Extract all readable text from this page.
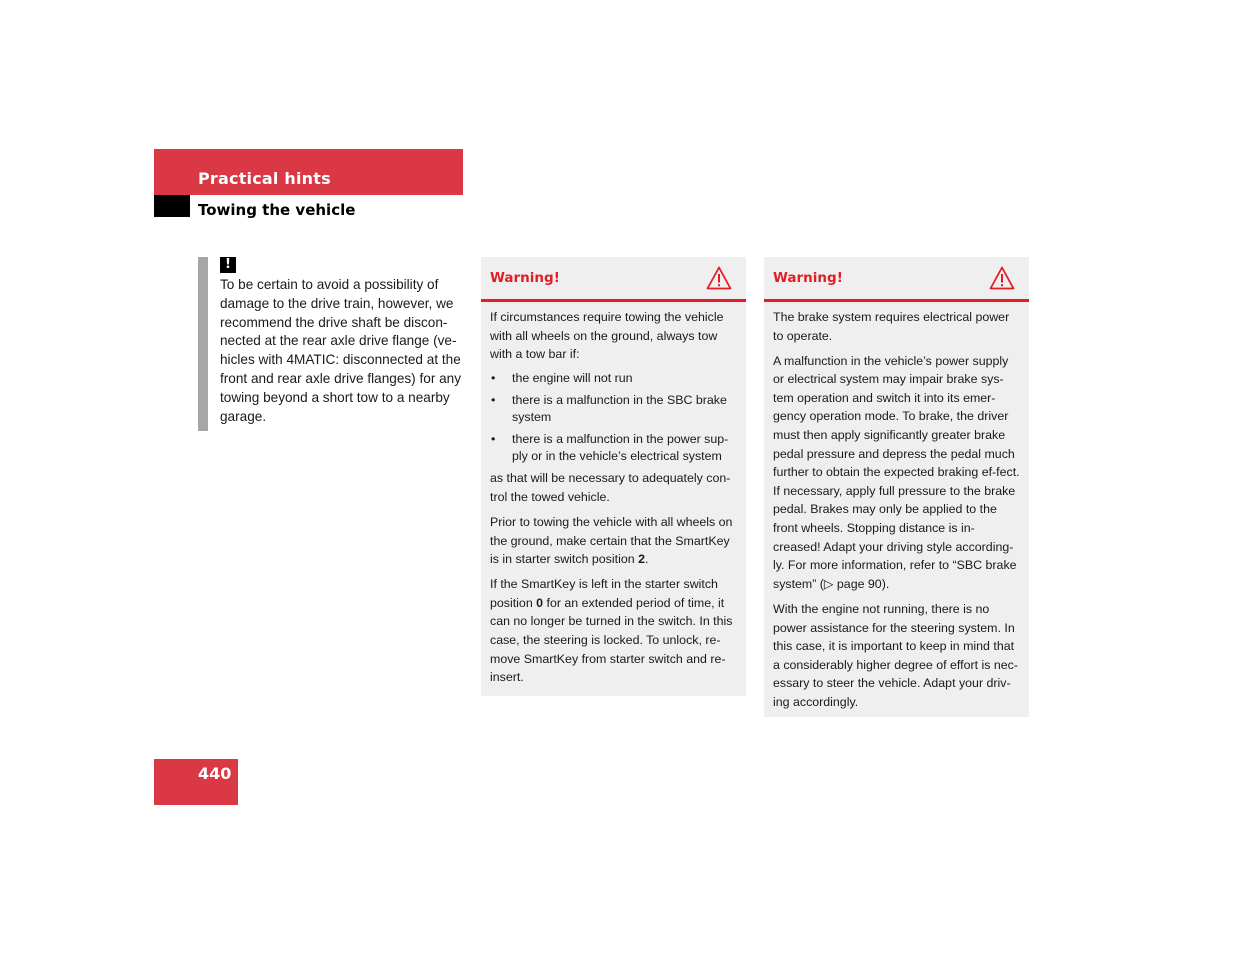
Practical hints
Towing the vehicle
!
To be certain to avoid a possibility of damage to the drive train, however, we recommend the drive shaft be discon-nected at the rear axle drive flange (ve-hicles with 4MATIC: disconnected at the front and rear axle drive flanges) for any towing beyond a short tow to a nearby garage.
Warning!

If circumstances require towing the vehicle with all wheels on the ground, always tow with a tow bar if:

• the engine will not run
• there is a malfunction in the SBC brake system
• there is a malfunction in the power sup-ply or in the vehicle’s electrical system

as that will be necessary to adequately con-trol the towed vehicle.

Prior to towing the vehicle with all wheels on the ground, make certain that the SmartKey is in starter switch position 2.

If the SmartKey is left in the starter switch position 0 for an extended period of time, it can no longer be turned in the switch. In this case, the steering is locked. To unlock, re-move SmartKey from starter switch and re-insert.

Warning!

The brake system requires electrical power to operate.

A malfunction in the vehicle’s power supply or electrical system may impair brake sys-tem operation and switch it into its emer-gency operation mode. To brake, the driver must then apply significantly greater brake pedal pressure and depress the pedal much further to obtain the expected braking ef-fect. If necessary, apply full pressure to the brake pedal. Brakes may only be applied to the front wheels. Stopping distance is in-creased! Adapt your driving style according-ly. For more information, refer to “SBC brake system” (▷ page 90).

With the engine not running, there is no power assistance for the steering system. In this case, it is important to keep in mind that a considerably higher degree of effort is nec-essary to steer the vehicle. Adapt your driv-ing accordingly.

440
